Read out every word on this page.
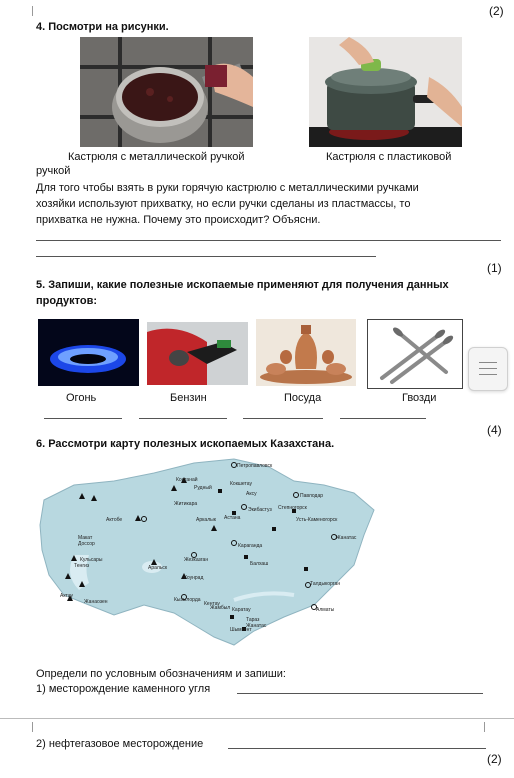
(2)
4. Посмотри на рисунки.
Кастрюля с металлической ручкой	Кастрюля с пластиковой
ручкой
Для того чтобы взять в руки горячую кастрюлю с металлическими ручками
хозяйки используют прихватку, но если ручки сделаны из пластмассы, то
прихватка не нужна. Почему это происходит? Объясни.
(1)
5. Запиши, какие полезные ископаемые применяют для получения данных
продуктов:
Огонь	Бензин	Посуда	Гвозди
(4)
6. Рассмотри карту полезных ископаемых Казахстана.
Петропавловск
Костанай
Рудный
Кокшетау
Аксу	Павлодар
Житикара
Экибастуз
Аркалык Астана
Степногорск
Усть-Каменогорск
Актобе
Жанатас
Караганда
Макат
Доссор
Кульсары
Тенгиз
Жезказган
Балхаш
Коунрад
Аральск
Кызылорда
Актау
Жанаозен
Шымкент
Жамбыл
Тараз
Алматы
Талдыкорган
Кентау
Каратау
Жанатас
Определи по условным обозначениям и запиши:
1) месторождение каменного угля
2) нефтегазовое месторождение
(2)
